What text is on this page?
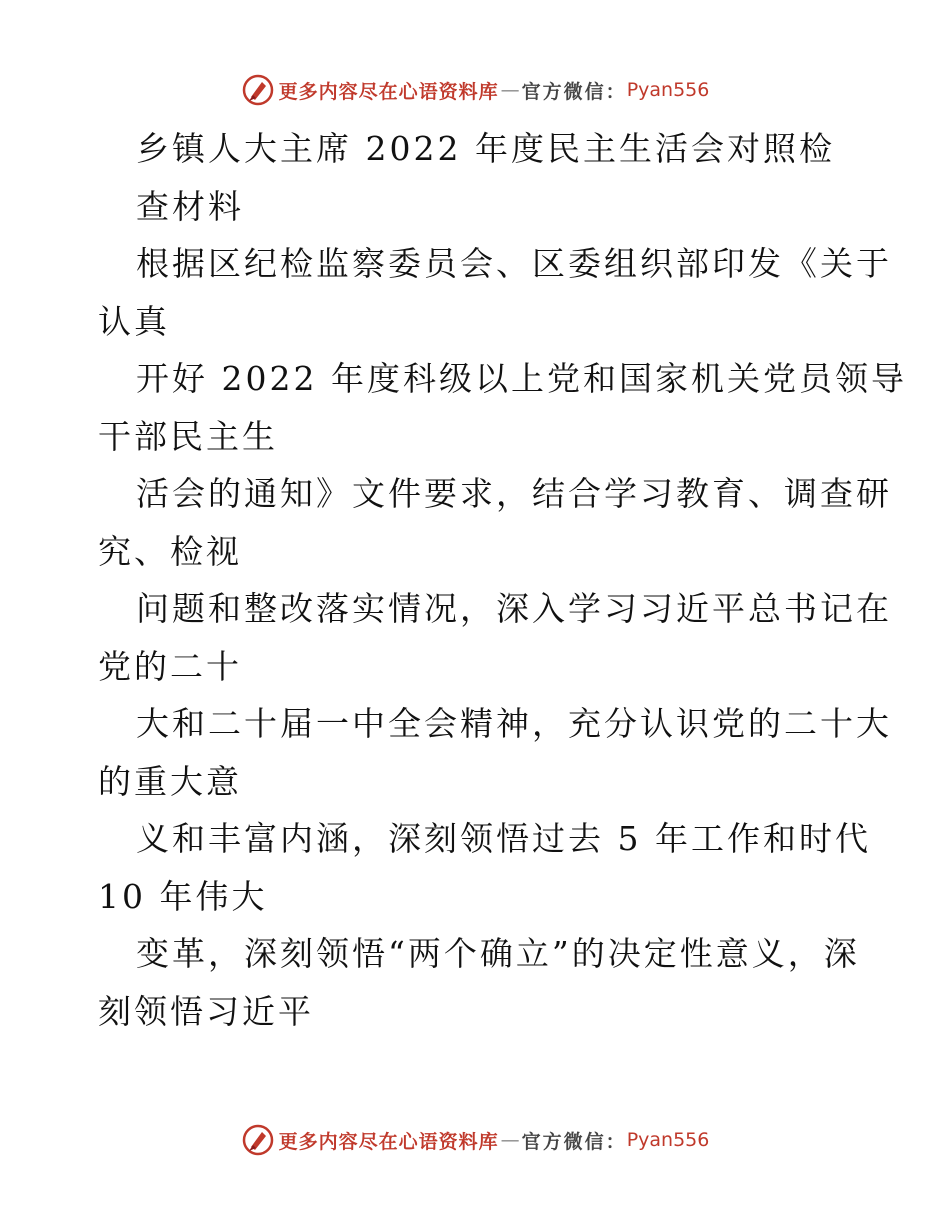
更多内容尽在心语资料库 — 官方微信： Pyan556
乡镇人大主席 2022 年度民主生活会对照检
查材料
根据区纪检监察委员会、区委组织部印发《关于
认真
开好 2022 年度科级以上党和国家机关党员领导
干部民主生
活会的通知》文件要求，结合学习教育、调查研
究、检视
问题和整改落实情况，深入学习习近平总书记在
党的二十
大和二十届一中全会精神，充分认识党的二十大
的重大意
义和丰富内涵，深刻领悟过去 5 年工作和时代
10 年伟大
变革，深刻领悟“两个确立”的决定性意义，深
刻领悟习近平
更多内容尽在心语资料库 — 官方微信： Pyan556
